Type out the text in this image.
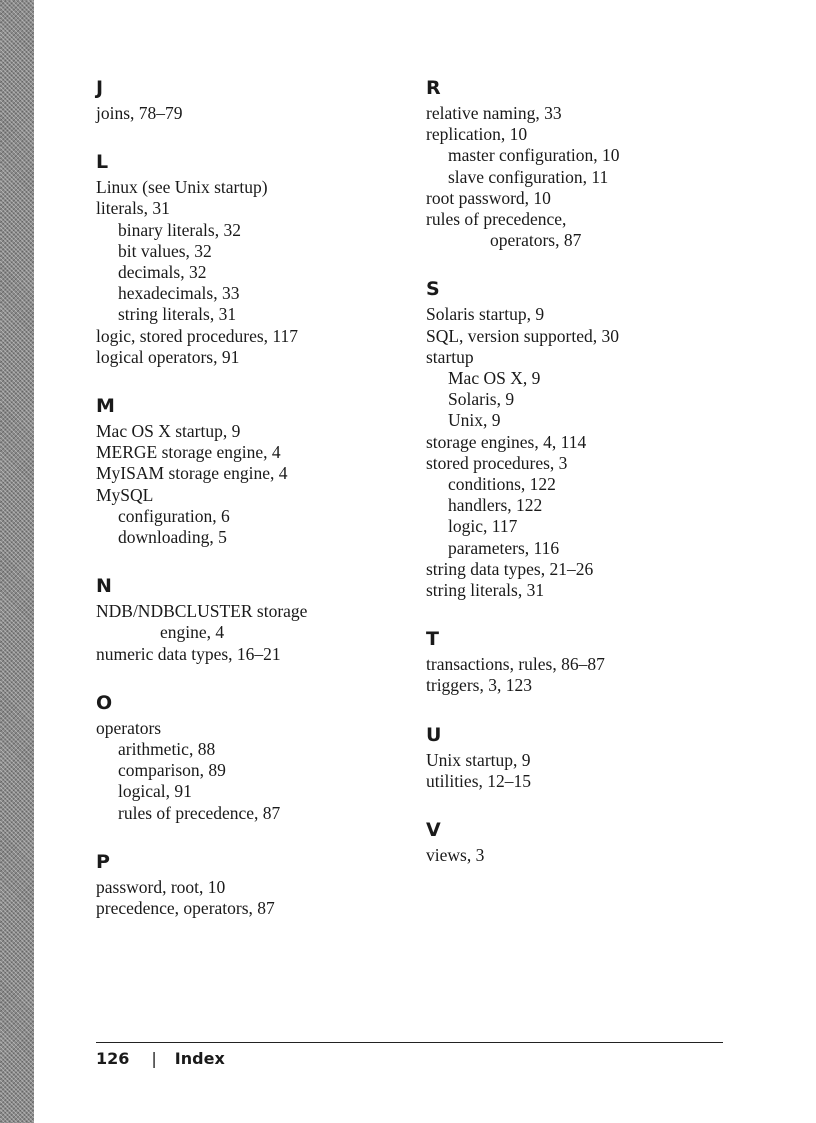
J
joins, 78–79
L
Linux (see Unix startup)
literals, 31
binary literals, 32
bit values, 32
decimals, 32
hexadecimals, 33
string literals, 31
logic, stored procedures, 117
logical operators, 91
M
Mac OS X startup, 9
MERGE storage engine, 4
MyISAM storage engine, 4
MySQL
configuration, 6
downloading, 5
N
NDB/NDBCLUSTER storage
engine, 4
numeric data types, 16–21
O
operators
arithmetic, 88
comparison, 89
logical, 91
rules of precedence, 87
P
password, root, 10
precedence, operators, 87
R
relative naming, 33
replication, 10
master configuration, 10
slave configuration, 11
root password, 10
rules of precedence,
operators, 87
S
Solaris startup, 9
SQL, version supported, 30
startup
Mac OS X, 9
Solaris, 9
Unix, 9
storage engines, 4, 114
stored procedures, 3
conditions, 122
handlers, 122
logic, 117
parameters, 116
string data types, 21–26
string literals, 31
T
transactions, rules, 86–87
triggers, 3, 123
U
Unix startup, 9
utilities, 12–15
V
views, 3
126 | Index
